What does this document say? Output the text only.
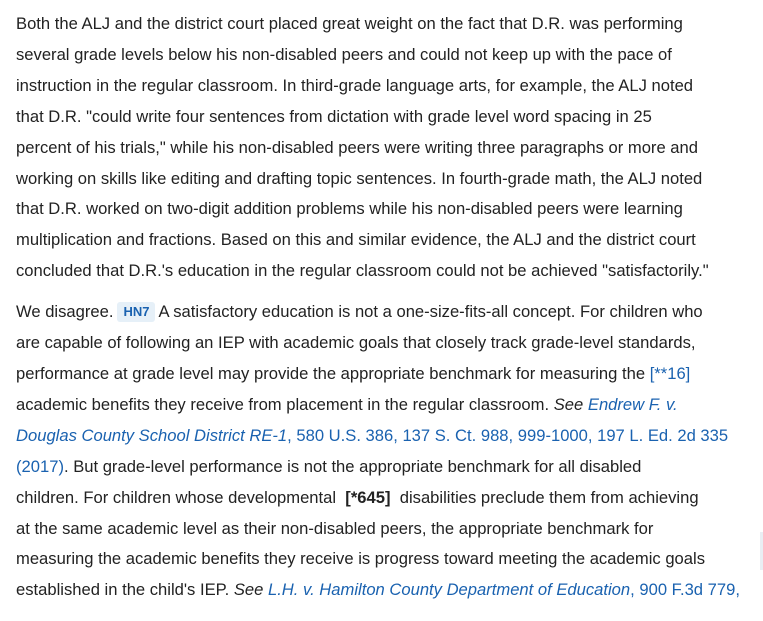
Both the ALJ and the district court placed great weight on the fact that D.R. was performing
several grade levels below his non-disabled peers and could not keep up with the pace of
instruction in the regular classroom. In third-grade language arts, for example, the ALJ noted
that D.R. "could write four sentences from dictation with grade level word spacing in 25
percent of his trials," while his non-disabled peers were writing three paragraphs or more and
working on skills like editing and drafting topic sentences. In fourth-grade math, the ALJ noted
that D.R. worked on two-digit addition problems while his non-disabled peers were learning
multiplication and fractions. Based on this and similar evidence, the ALJ and the district court
concluded that D.R.'s education in the regular classroom could not be achieved "satisfactorily."

We disagree. HN7 A satisfactory education is not a one-size-fits-all concept. For children who
are capable of following an IEP with academic goals that closely track grade-level standards,
performance at grade level may provide the appropriate benchmark for measuring the [**16]
academic benefits they receive from placement in the regular classroom. See Endrew F. v.
Douglas County School District RE-1, 580 U.S. 386, 137 S. Ct. 988, 999-1000, 197 L. Ed. 2d 335
(2017). But grade-level performance is not the appropriate benchmark for all disabled
children. For children whose developmental [*645] disabilities preclude them from achieving
at the same academic level as their non-disabled peers, the appropriate benchmark for
measuring the academic benefits they receive is progress toward meeting the academic goals
established in the child's IEP. See L.H. v. Hamilton County Department of Education, 900 F.3d 779,
